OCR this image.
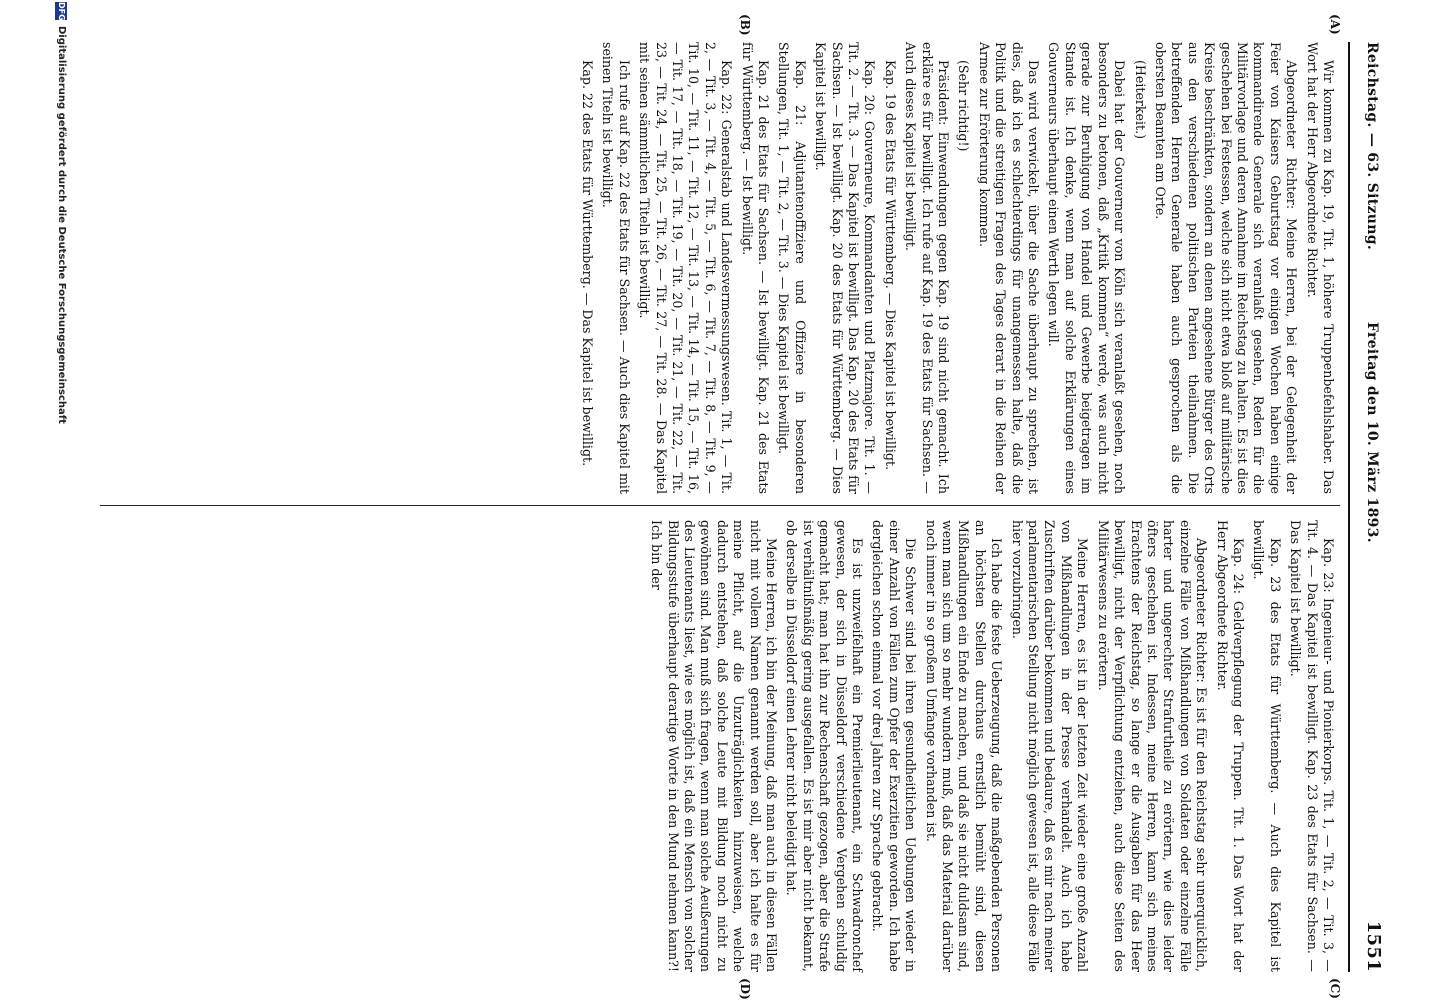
Reichstag. — 63. Sitzung.
Freitag den 10. März 1893.
1551
(A)
(B)
(C)
(D)

Wir kommen zu Kap. 19, Tit. 1, höhere Truppenbefehlshaber. Das Wort hat der Herr Abgeordnete Richter.

Abgeordneter Richter: Meine Herren, bei der Gelegenheit der Feier von Kaisers Geburtstag vor einigen Wochen haben einige kommandirende Generale sich veranlaßt gesehen, Reden für die Militärvorlage und deren Annahme im Reichstag zu halten. Es ist dies geschehen bei Festessen, welche sich nicht etwa bloß auf militärische Kreise beschränkten, sondern an denen angesehene Bürger des Orts aus den verschiedenen politischen Parteien theilnahmen. Die betreffenden Herren Generale haben auch gesprochen als die obersten Beamten am Orte.

(Heiterkeit.)

Dabei hat der Gouverneur von Köln sich veranlaßt gesehen, noch besonders zu betonen, daß „Kritik kommen“ werde, was auch nicht gerade zur Beruhigung von Handel und Gewerbe beigetragen im Stande ist. Ich denke, wenn man auf solche Erklärungen eines Gouverneurs überhaupt einen Werth legen will.

Das wird verwickelt, über die Sache überhaupt zu sprechen, ist dies, daß ich es schlechterdings für unangemessen halte, daß die Politik und die streitigen Fragen des Tages derart in die Reihen der Armee zur Erörterung kommen.

(Sehr richtig!)

Präsident: Einwendungen gegen Kap. 19 sind nicht gemacht. Ich erkläre es für bewilligt. Ich rufe auf Kap. 19 des Etats für Sachsen. — Auch dieses Kapitel ist bewilligt.

Kap. 19 des Etats für Württemberg. — Dies Kapitel ist bewilligt.

Kap. 20: Gouverneure, Kommandanten und Platzmajore. Tit. 1. — Tit. 2. — Tit. 3. — Das Kapitel ist bewilligt. Das Kap. 20 des Etats für Sachsen. — Ist bewilligt. Kap. 20 des Etats für Württemberg. — Dies Kapitel ist bewilligt.

Kap. 21: Adjutantenoffiziere und Offiziere in besonderen Stellungen, Tit. 1, — Tit. 2, — Tit. 3. — Dies Kapitel ist bewilligt.

Kap. 21 des Etats für Sachsen. — Ist bewilligt. Kap. 21 des Etats für Württemberg. — Ist bewilligt.

Kap. 22: Generalstab und Landesvermessungswesen. Tit. 1, — Tit. 2, — Tit. 3, — Tit. 4, — Tit. 5, — Tit. 6, — Tit. 7, — Tit. 8, — Tit. 9, — Tit. 10, — Tit. 11, — Tit. 12, — Tit. 13, — Tit. 14, — Tit. 15, — Tit. 16, — Tit. 17, — Tit. 18, — Tit. 19, — Tit. 20, — Tit. 21, — Tit. 22, — Tit. 23, — Tit. 24, — Tit. 25, — Tit. 26, — Tit. 27, — Tit. 28. — Das Kapitel mit seinen sämmtlichen Titeln ist bewilligt.

Ich rufe auf Kap. 22 des Etats für Sachsen. — Auch dies Kapitel mit seinen Titeln ist bewilligt.

Kap. 22 des Etats für Württemberg. — Das Kapitel ist bewilligt.

Kap. 23: Ingenieur- und Pionierkorps. Tit. 1, — Tit. 2, — Tit. 3, — Tit. 4. — Das Kapitel ist bewilligt. Kap. 23 des Etats für Sachsen. — Das Kapitel ist bewilligt.

Kap. 23 des Etats für Württemberg. — Auch dies Kapitel ist bewilligt.

Kap. 24: Geldverpflegung der Truppen. Tit. 1. Das Wort hat der Herr Abgeordnete Richter.

Abgeordneter Richter: Es ist für den Reichstag sehr unerquicklich, einzelne Fälle von Mißhandlungen von Soldaten oder einzelne Fälle harter und ungerechter Strafurtheile zu erörtern, wie dies leider öfters geschehen ist. Indessen, meine Herren, kann sich meines Erachtens der Reichstag, so lange er die Ausgaben für das Heer bewilligt, nicht der Verpflichtung entziehen, auch diese Seiten des Militärwesens zu erörtern.

Meine Herren, es ist in der letzten Zeit wieder eine große Anzahl von Mißhandlungen in der Presse verhandelt. Auch ich habe Zuschriften darüber bekommen und bedaure, daß es mir nach meiner parlamentarischen Stellung nicht möglich gewesen ist, alle diese Fälle hier vorzubringen.

Ich habe die feste Ueberzeugung, daß die maßgebenden Personen an höchsten Stellen durchaus ernstlich bemüht sind, diesen Mißhandlungen ein Ende zu machen, und daß sie nicht duldsam sind, wenn man sich um so mehr wundern muß, daß das Material darüber noch immer in so großem Umfange vorhanden ist.

Die Schwer sind bei ihren gesundheitlichen Uebungen wieder in einer Anzahl von Fällen zum Opfer der Exerzitien geworden. Ich habe dergleichen schon einmal vor drei Jahren zur Sprache gebracht.

Es ist unzweifelhaft ein Premierlieutenant, ein Schwadronchef gewesen, der sich in Düsseldorf verschiedene Vergehen schuldig gemacht hat; man hat ihn zur Rechenschaft gezogen, aber die Strafe ist verhältnißmäßig gering ausgefallen. Es ist mir aber nicht bekannt, ob derselbe in Düsseldorf einen Lehrer nicht beleidigt hat.

Meine Herren, ich bin der Meinung, daß man auch in diesen Fällen nicht mit vollem Namen genannt werden soll, aber ich halte es für meine Pflicht, auf die Unzuträglichkeiten hinzuweisen, welche dadurch entstehen, daß solche Leute mit Bildung noch nicht zu gewöhnen sind. Man muß sich fragen, wenn man solche Aeußerungen des Lieutenants liest, wie es möglich ist, daß ein Mensch von solcher Bildungsstufe überhaupt derartige Worte in den Mund nehmen kann?! Ich bin der

DFG
Digitalisierung gefördert durch die Deutsche Forschungsgemeinschaft
